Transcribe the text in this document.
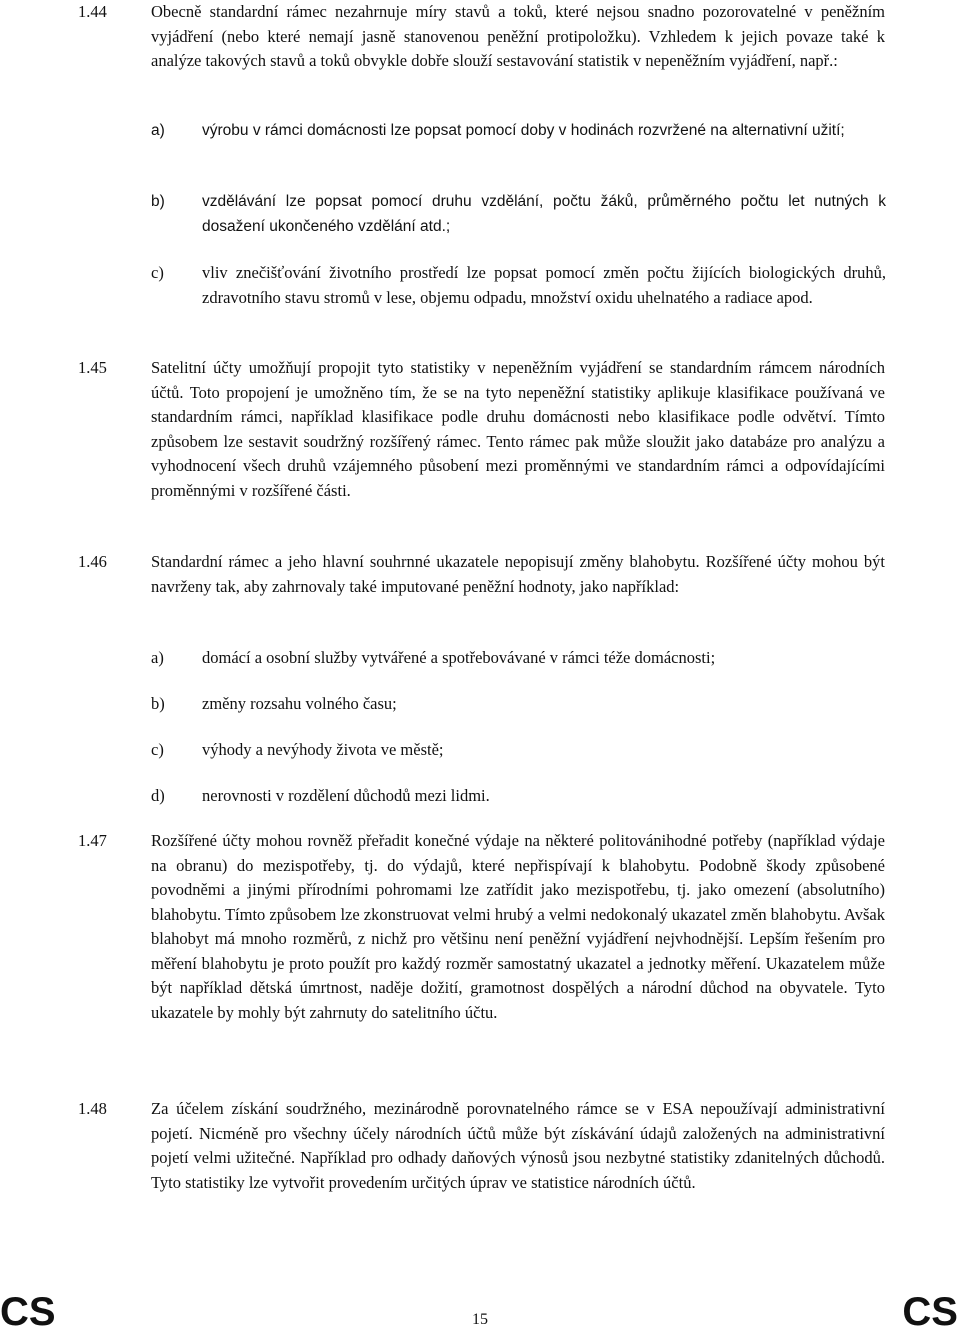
1.44	Obecně standardní rámec nezahrnuje míry stavů a toků, které nejsou snadno pozorovatelné v peněžním vyjádření (nebo které nemají jasně stanovenou peněžní protipoložku). Vzhledem k jejich povaze také k analýze takových stavů a toků obvykle dobře slouží sestavování statistik v nepeněžním vyjádření, např.:
a) výrobu v rámci domácnosti lze popsat pomocí doby v hodinách rozvržené na alternativní užití;
b) vzdělávání lze popsat pomocí druhu vzdělání, počtu žáků, průměrného počtu let nutných k dosažení ukončeného vzdělání atd.;
c) vliv znečišťování životního prostředí lze popsat pomocí změn počtu žijících biologických druhů, zdravotního stavu stromů v lese, objemu odpadu, množství oxidu uhelnatého a radiace apod.
1.45	Satelitní účty umožňují propojit tyto statistiky v nepeněžním vyjádření se standardním rámcem národních účtů. Toto propojení je umožněno tím, že se na tyto nepeněžní statistiky aplikuje klasifikace používaná ve standardním rámci, například klasifikace podle druhu domácnosti nebo klasifikace podle odvětví. Tímto způsobem lze sestavit soudržný rozšířený rámec. Tento rámec pak může sloužit jako databáze pro analýzu a vyhodnocení všech druhů vzájemného působení mezi proměnnými ve standardním rámci a odpovídajícími proměnnými v rozšířené části.
1.46	Standardní rámec a jeho hlavní souhrnné ukazatele nepopisují změny blahobytu. Rozšířené účty mohou být navrženy tak, aby zahrnovaly také imputované peněžní hodnoty, jako například:
a) domácí a osobní služby vytvářené a spotřebovávané v rámci téže domácnosti;
b) změny rozsahu volného času;
c) výhody a nevýhody života ve městě;
d) nerovnosti v rozdělení důchodů mezi lidmi.
1.47	Rozšířené účty mohou rovněž přeřadit konečné výdaje na některé politovánihodné potřeby (například výdaje na obranu) do mezispotřeby, tj. do výdajů, které nepřispívají k blahobytu. Podobně škody způsobené povodněmi a jinými přírodními pohromami lze zatřídit jako mezispotřebu, tj. jako omezení (absolutního) blahobytu. Tímto způsobem lze zkonstruovat velmi hrubý a velmi nedokonalý ukazatel změn blahobytu. Avšak blahobyt má mnoho rozměrů, z nichž pro většinu není peněžní vyjádření nejvhodnější. Lepším řešením pro měření blahobytu je proto použít pro každý rozměr samostatný ukazatel a jednotky měření. Ukazatelem může být například dětská úmrtnost, naděje dožití, gramotnost dospělých a národní důchod na obyvatele. Tyto ukazatele by mohly být zahrnuty do satelitního účtu.
1.48	Za účelem získání soudržného, mezinárodně porovnatelného rámce se v ESA nepoužívají administrativní pojetí. Nicméně pro všechny účely národních účtů může být získávání údajů založených na administrativní pojetí velmi užitečné. Například pro odhady daňových výnosů jsou nezbytné statistiky zdanitelných důchodů. Tyto statistiky lze vytvořit provedením určitých úprav ve statistice národních účtů.
CS	15	CS
